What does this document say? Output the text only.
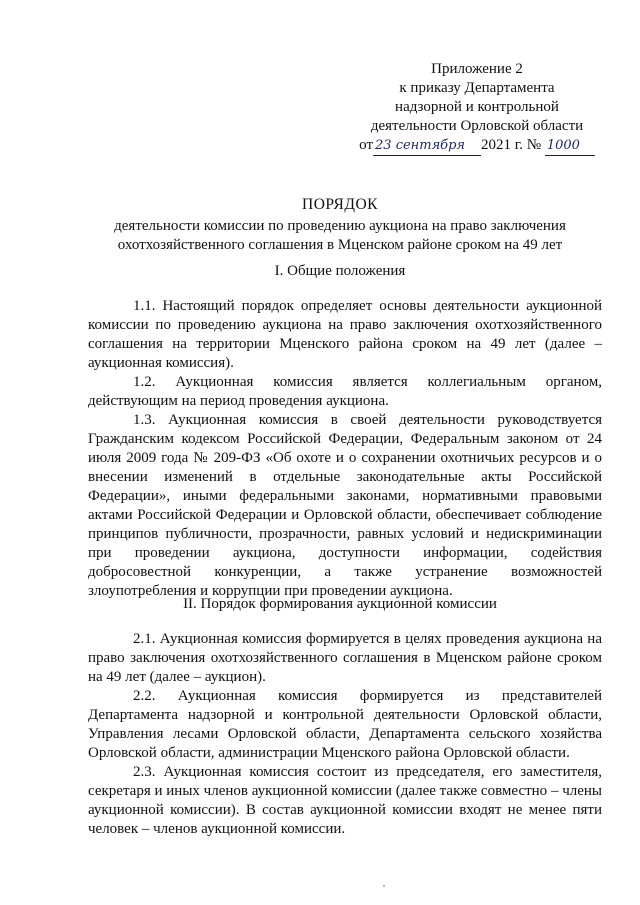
Приложение 2
к приказу Департамента
надзорной и контрольной
деятельности Орловской области
от 23 сентября 2021 г. № 1000
ПОРЯДОК
деятельности комиссии по проведению аукциона на право заключения
охотхозяйственного соглашения в Мценском районе сроком на 49 лет
I. Общие положения

1.1. Настоящий порядок определяет основы деятельности аукционной комиссии по проведению аукциона на право заключения охотхозяйственного соглашения на территории Мценского района сроком на 49 лет (далее – аукционная комиссия).

1.2. Аукционная комиссия является коллегиальным органом, действующим на период проведения аукциона.

1.3. Аукционная комиссия в своей деятельности руководствуется Гражданским кодексом Российской Федерации, Федеральным законом от 24 июля 2009 года № 209-ФЗ «Об охоте и о сохранении охотничьих ресурсов и о внесении изменений в отдельные законодательные акты Российской Федерации», иными федеральными законами, нормативными правовыми актами Российской Федерации и Орловской области, обеспечивает соблюдение принципов публичности, прозрачности, равных условий и недискриминации при проведении аукциона, доступности информации, содействия добросовестной конкуренции, а также устранение возможностей злоупотребления и коррупции при проведении аукциона.

II. Порядок формирования аукционной комиссии

2.1. Аукционная комиссия формируется в целях проведения аукциона на право заключения охотхозяйственного соглашения в Мценском районе сроком на 49 лет (далее – аукцион).

2.2. Аукционная комиссия формируется из представителей Департамента надзорной и контрольной деятельности Орловской области, Управления лесами Орловской области, Департамента сельского хозяйства Орловской области, администрации Мценского района Орловской области.

2.3. Аукционная комиссия состоит из председателя, его заместителя, секретаря и иных членов аукционной комиссии (далее также совместно – члены аукционной комиссии). В состав аукционной комиссии входят не менее пяти человек – членов аукционной комиссии.
